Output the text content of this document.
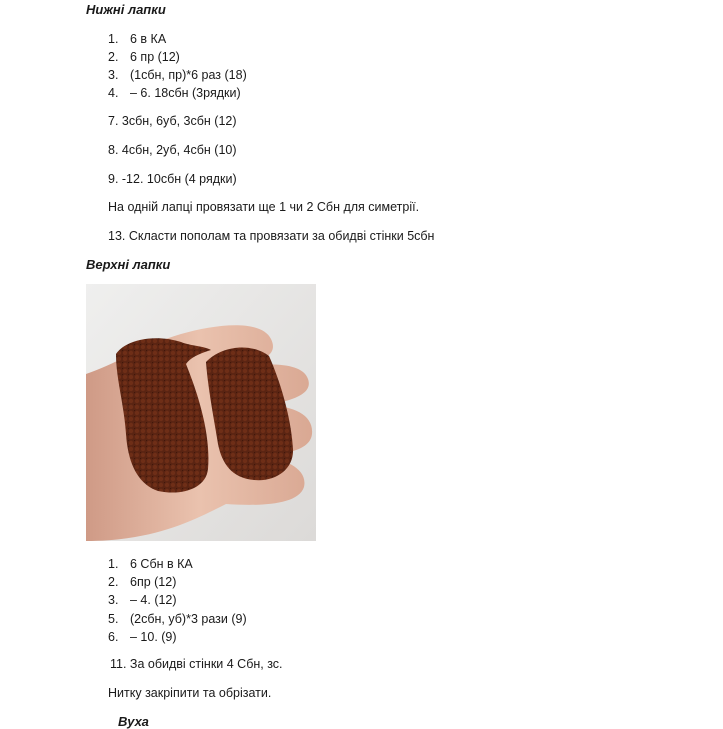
Нижні лапки
1. 6 в КА
2. 6 пр (12)
3. (1сбн, пр)*6 раз (18)
4. – 6. 18сбн (3рядки)
7. 3сбн, 6уб, 3сбн (12)
8. 4сбн, 2уб, 4сбн (10)
9. -12. 10сбн (4 рядки)
На одній лапці провязати ще 1 чи 2 Сбн для симетрії.
13. Скласти пополам та провязати за обидві стінки 5сбн
Верхні лапки
1. 6 Сбн в КА
2. 6пр (12)
3. – 4. (12)
5. (2сбн, уб)*3 рази (9)
6. – 10. (9)
11. За обидві стінки 4 Сбн, зс.
Нитку закріпити та обрізати.
Вуха
